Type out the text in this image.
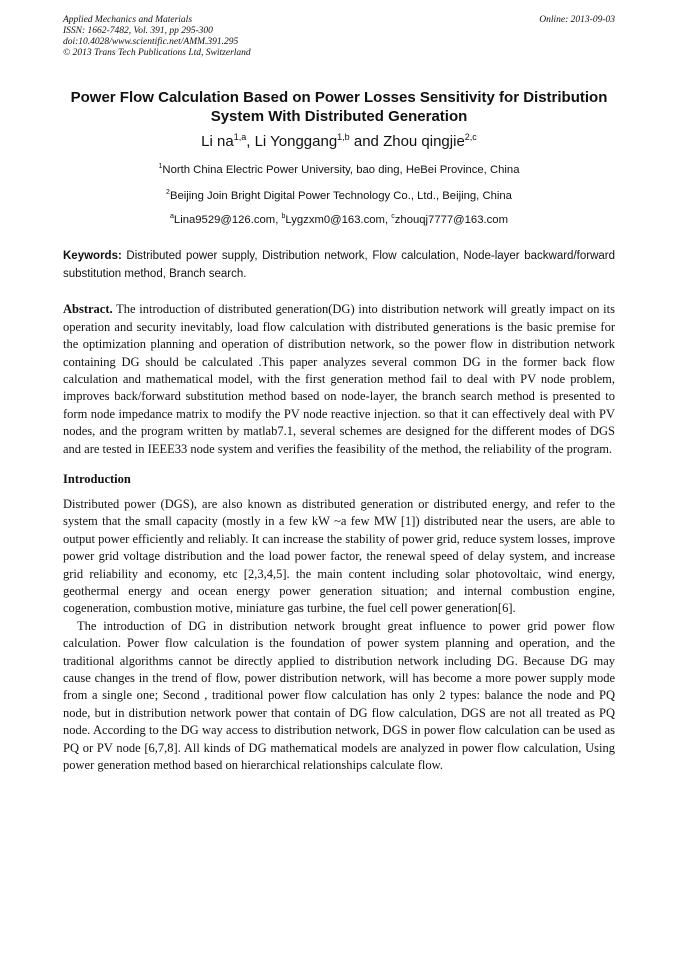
Applied Mechanics and Materials
ISSN: 1662-7482, Vol. 391, pp 295-300
doi:10.4028/www.scientific.net/AMM.391.295
© 2013 Trans Tech Publications Ltd, Switzerland
Online: 2013-09-03
Power Flow Calculation Based on Power Losses Sensitivity for Distribution System With Distributed Generation
Li na$^{1,a}$, Li Yonggang$^{1,b}$ and Zhou qingjie$^{2,c}$
$^1$North China Electric Power University, bao ding, HeBei Province, China
$^2$Beijing Join Bright Digital Power Technology Co., Ltd., Beijing, China
$^a$Lina9529@126.com, $^b$Lygzxm0@163.com, $^c$zhouqj7777@163.com
Keywords: Distributed power supply, Distribution network, Flow calculation, Node-layer backward/forward substitution method, Branch search.
Abstract. The introduction of distributed generation(DG) into distribution network will greatly impact on its operation and security inevitably, load flow calculation with distributed generations is the basic premise for the optimization planning and operation of distribution network, so the power flow in distribution network containing DG should be calculated .This paper analyzes several common DG in the former back flow calculation and mathematical model, with the first generation method fail to deal with PV node problem, improves back/forward substitution method based on node-layer, the branch search method is presented to form node impedance matrix to modify the PV node reactive injection. so that it can effectively deal with PV nodes, and the program written by matlab7.1, several schemes are designed for the different modes of DGS and are tested in IEEE33 node system and verifies the feasibility of the method, the reliability of the program.
Introduction
Distributed power (DGS), are also known as distributed generation or distributed energy, and refer to the system that the small capacity (mostly in a few kW ~a few MW [1]) distributed near the users, are able to output power efficiently and reliably. It can increase the stability of power grid, reduce system losses, improve power grid voltage distribution and the load power factor, the renewal speed of delay system, and increase grid reliability and economy, etc [2,3,4,5]. the main content including solar photovoltaic, wind energy, geothermal energy and ocean energy power generation situation; and internal combustion engine, cogeneration, combustion motive, miniature gas turbine, the fuel cell power generation[6].
The introduction of DG in distribution network brought great influence to power grid power flow calculation. Power flow calculation is the foundation of power system planning and operation, and the traditional algorithms cannot be directly applied to distribution network including DG. Because DG may cause changes in the trend of flow, power distribution network, will has become a more power supply mode from a single one; Second , traditional power flow calculation has only 2 types: balance the node and PQ node, but in distribution network power that contain of DG flow calculation, DGS are not all treated as PQ node. According to the DG way access to distribution network, DGS in power flow calculation can be used as PQ or PV node [6,7,8]. All kinds of DG mathematical models are analyzed in power flow calculation, Using power generation method based on hierarchical relationships calculate flow.
